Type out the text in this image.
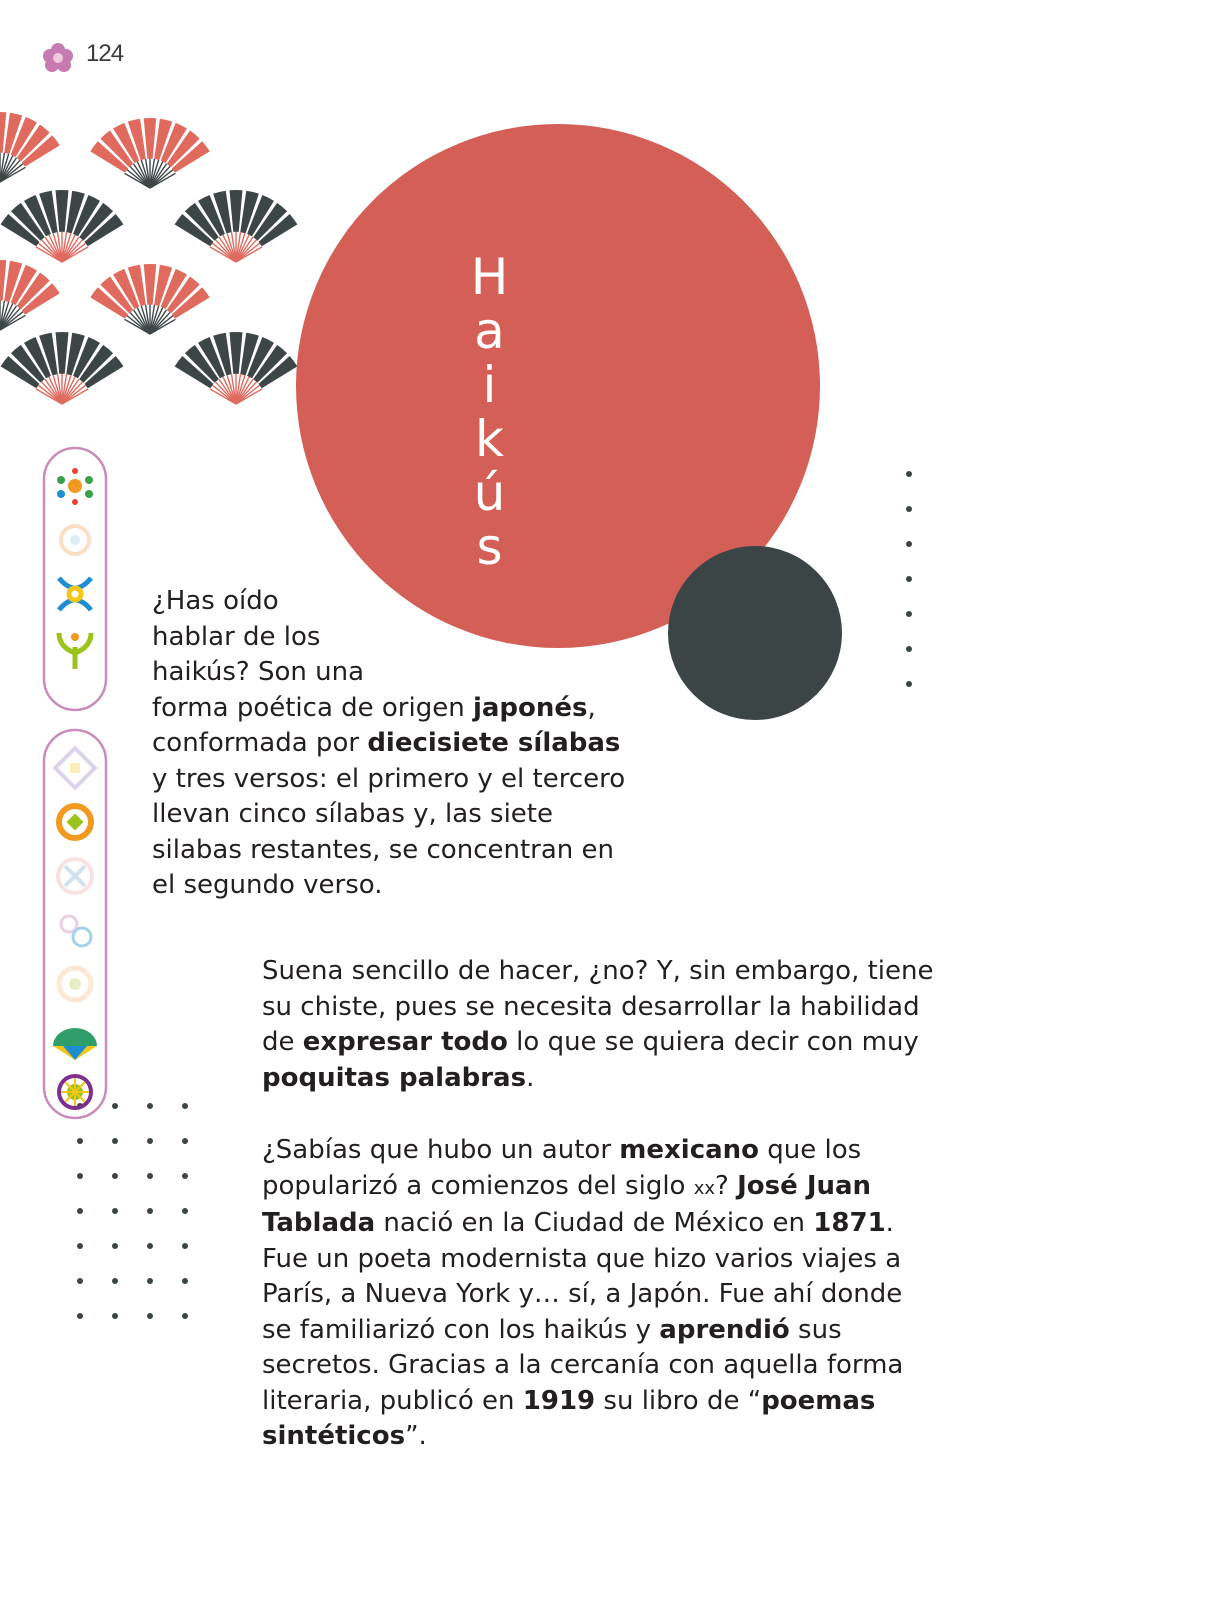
124
H
a
i
k
ú
s

¿Has oído
hablar de los
haikús? Son una
forma poética de origen japonés,
conformada por diecisiete sílabas
y tres versos: el primero y el tercero
llevan cinco sílabas y, las siete
silabas restantes, se concentran en
el segundo verso.

Suena sencillo de hacer, ¿no? Y, sin embargo, tiene
su chiste, pues se necesita desarrollar la habilidad
de expresar todo lo que se quiera decir con muy
poquitas palabras.

¿Sabías que hubo un autor mexicano que los
popularizó a comienzos del siglo xx? José Juan
Tablada nació en la Ciudad de México en 1871.
Fue un poeta modernista que hizo varios viajes a
París, a Nueva York y… sí, a Japón. Fue ahí donde
se familiarizó con los haikús y aprendió sus
secretos. Gracias a la cercanía con aquella forma
literaria, publicó en 1919 su libro de “poemas
sintéticos”.
